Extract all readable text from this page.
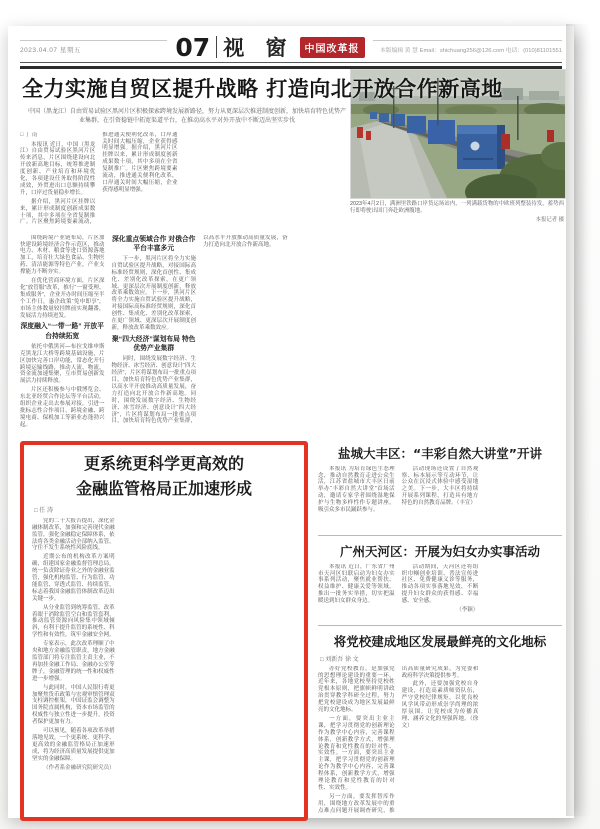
2023.04.07 星期五	07 视 窗	中国改革报	本版编辑 黄 慧 Email：shichuang256@126.com 电话：(010)81101551
2023年4月2日，满洲里铁路口岸货运场站内，一列满载货物的中欧班列整装待发，蓄势西行即将驶出国门奔赴欧洲腹地。
本报记者 摄
全力实施自贸区提升战略 打造向北开放合作新高地
中国（黑龙江）自由贸易试验区黑河片区积极探索跨境发展新路径，努力从更深层次推进制度创新，加快培育特色优势产业集群，在引资稳链中拓宽渠道平台，在推动高水平对外开放中不断迈出坚实步伐

□ 丁 南

本报讯 近日，中国（黑龙江）自由贸易试验区黑河片区传来消息，片区围绕建设向北开放新高地目标，统筹推进制度创新、产业培育和环境优化，各项建设任务取得阶段性成效，外贸进出口总额持续攀升，口岸过货量稳步增长。

据介绍，黑河片区挂牌以来，累计形成制度创新成果数十项，其中多项在全省复制推广。片区聚焦跨境要素流动，推进通关便利化改革，口岸通关时间大幅压缩，企业获得感明显增强。据介绍，黑河片区挂牌以来，累计形成制度创新成果数十项，其中多项在全省复制推广。片区聚焦跨境要素流动，推进通关便利化改革，口岸通关时间大幅压缩，企业获得感明显增强。

围绕跨境产业链布局，片区加快建设跨境经济合作示范区，推动电力、木材、粮食等进口资源落地加工，培育壮大绿色食品、生物医药、清洁能源等特色产业，产业支撑能力不断夯实。

在优化营商环境方面，片区深化“放管服”改革，推行“一窗受理、集成服务”，企业开办时间压缩至半个工作日，惠企政策“免申即享”，市场主体数量较挂牌前实现翻番，发展活力持续迸发。

深度融入“一带一路” 开放平台持续拓宽

依托中俄黑河—布拉戈维申斯克黑龙江大桥等跨境基础设施，片区加快完善口岸功能，常态化开行跨境运输线路，推动人流、物流、资金流加速集聚，互市贸易创新发展活力持续释放。

片区还积极参与中俄博览会、东北亚经贸合作论坛等平台活动，组织企业走出去参展对接，引进一批标志性合作项目，跨境金融、跨境电商、保税加工等新业态蓬勃兴起。

深化重点领域合作 对俄合作平台丰富多元

下一步，黑河片区将全力实施自贸试验区提升战略，对接国际高标准经贸规则，深化首创性、集成化、差别化改革探索，在更广领域、更深层次开展制度创新，释放改革乘数效应。下一步，黑河片区将全力实施自贸试验区提升战略，对接国际高标准经贸规则，深化首创性、集成化、差别化改革探索，在更广领域、更深层次开展制度创新，释放改革乘数效应。

聚“四大经济”谋划布局 特色优势产业集群

同时，围绕发展数字经济、生物经济、冰雪经济、创意设计“四大经济”，片区将谋划布局一批重点项目，加快培育特色优势产业集群，以高水平开放推动高质量发展，奋力打造向北开放合作新高地。同时，围绕发展数字经济、生物经济、冰雪经济、创意设计“四大经济”，片区将谋划布局一批重点项目，加快培育特色优势产业集群，以高水平开放推动高质量发展，奋力打造向北开放合作新高地。

更系统更科学更高效的
金融监管格局正加速形成
□ 任 涛

党的二十大报告提出，深化金融体制改革，加强和完善现代金融监管，强化金融稳定保障体系，依法将各类金融活动全部纳入监管，守住不发生系统性风险底线。

近期公布的机构改革方案明确，组建国家金融监督管理总局，统一负责除证券业之外的金融业监管，强化机构监管、行为监管、功能监管、穿透式监管、持续监管，标志着我国金融监管体制改革迈出关键一步。

从分业监管到统筹监管，改革着眼于消除监管空白和监管套利，推动监管资源向风险集中领域倾斜，有利于提升监管的系统性、科学性和有效性，筑牢金融安全网。

专家表示，此次改革理顺了中央和地方金融监管职责，地方金融监管部门将专注监管主责主业，不再加挂金融工作局、金融办公室等牌子，金融管理的统一性和权威性进一步增强。

与此同时，中国人民银行将更加聚焦货币政策与宏观审慎管理双支柱调控框架，中国证监会调整为国务院直属机构，资本市场监管的权威性与独立性进一步提升，投资者保护更加有力。

可以预见，随着各项改革举措落地见效，一个更系统、更科学、更高效的金融监管格局正加速形成，将为经济高质量发展提供更加坚实的金融保障。

（作者系金融研究院研究员）

盐城大丰区：“丰彩自然大讲堂”开讲

本报讯 为培育绿色生态理念，推动自然教育走进公众生活，江苏省盐城市大丰区日前举办“丰彩自然大讲堂”首场活动，邀请专家学者围绕湿地保护与生物多样性作专题讲座，吸引众多市民踊跃参与。

活动现场还设置了自然观察、标本展示等互动环节，让公众在沉浸式体验中感受湿地之美。下一步，大丰区将持续开展系列课程，打造具有地方特色的自然教育品牌。（丰宣）

广州天河区：开展为妇女办实事活动

本报讯 近日，广东省广州市天河区妇联启动为妇女办实事系列活动，聚焦就业帮扶、权益维护、健康关爱等领域，推出一批务实举措，切实把温暖送到妇女群众身边。

活动期间，天河区还将组织巾帼创业培训、普法宣传进社区、免费健康义诊等服务，推动各项实事落地见效，不断提升妇女群众的获得感、幸福感、安全感。

（李颖）

将党校建成地区发展最鲜亮的文化地标
□ 刘新吾 徐 文

办好党校教育，是加强党的思想理论建设的重要一环。近年来，各地党校坚持党校姓党根本原则，把旗帜鲜明讲政治贯穿教学科研全过程，努力把党校建设成为地区发展最鲜亮的文化地标。

一方面，要突出主业主课，把学习贯彻党的创新理论作为教学中心内容，完善课程体系，创新教学方式，增强理论教育和党性教育的针对性、实效性。一方面，要突出主业主课，把学习贯彻党的创新理论作为教学中心内容，完善课程体系，创新教学方式，增强理论教育和党性教育的针对性、实效性。

另一方面，要发挥智库作用，围绕地方改革发展中的重点难点问题开展调查研究，推出高质量研究成果，为党委和政府科学决策提供参考。

此外，还要加强党校自身建设，打造高素质师资队伍，严守党校纪律规矩，以优良校风学风带动形成崇学尚理的浓厚氛围，让党校成为传播真理、涵养文化的坚强阵地。（徐文）
